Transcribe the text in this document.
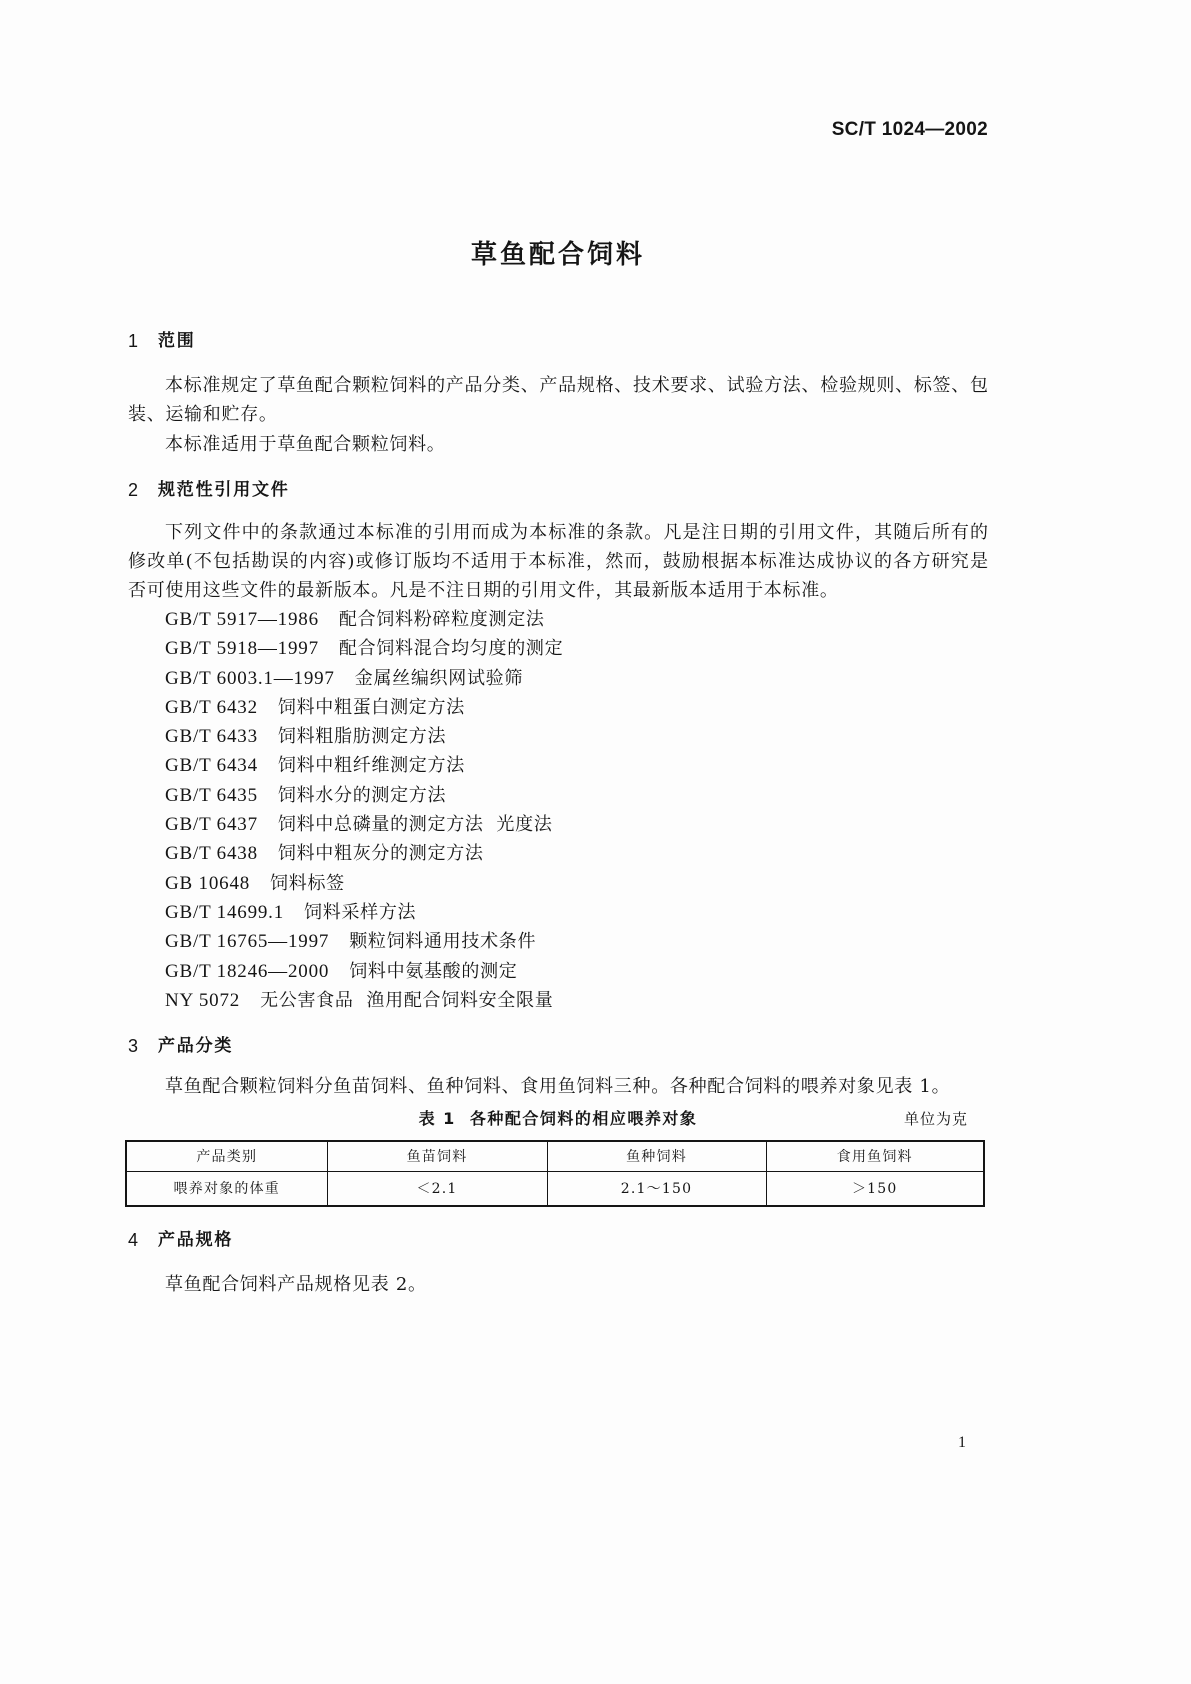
SC/T 1024—2002
草鱼配合饲料
1 范围
本标准规定了草鱼配合颗粒饲料的产品分类、产品规格、技术要求、试验方法、检验规则、标签、包
装、运输和贮存。
本标准适用于草鱼配合颗粒饲料。
2 规范性引用文件
下列文件中的条款通过本标准的引用而成为本标准的条款。凡是注日期的引用文件，其随后所有的
修改单(不包括勘误的内容)或修订版均不适用于本标准，然而，鼓励根据本标准达成协议的各方研究是
否可使用这些文件的最新版本。凡是不注日期的引用文件，其最新版本适用于本标准。
GB/T 5917—1986 配合饲料粉碎粒度测定法
GB/T 5918—1997 配合饲料混合均匀度的测定
GB/T 6003.1—1997 金属丝编织网试验筛
GB/T 6432 饲料中粗蛋白测定方法
GB/T 6433 饲料粗脂肪测定方法
GB/T 6434 饲料中粗纤维测定方法
GB/T 6435 饲料水分的测定方法
GB/T 6437 饲料中总磷量的测定方法  光度法
GB/T 6438 饲料中粗灰分的测定方法
GB 10648 饲料标签
GB/T 14699.1 饲料采样方法
GB/T 16765—1997 颗粒饲料通用技术条件
GB/T 18246—2000 饲料中氨基酸的测定
NY 5072 无公害食品  渔用配合饲料安全限量
3 产品分类
草鱼配合颗粒饲料分鱼苗饲料、鱼种饲料、食用鱼饲料三种。各种配合饲料的喂养对象见表 1。
表 1  各种配合饲料的相应喂养对象	单位为克
产品类别	鱼苗饲料	鱼种饲料	食用鱼饲料
喂养对象的体重	＜2.1	2.1～150	＞150
4 产品规格
草鱼配合饲料产品规格见表 2。
1
